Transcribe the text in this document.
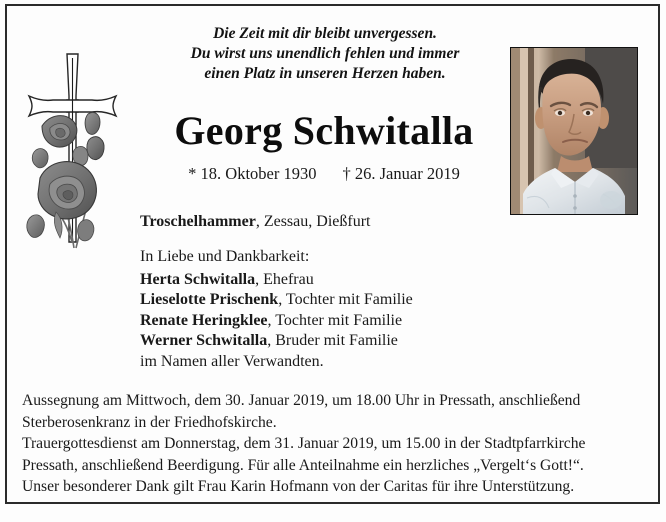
Die Zeit mit dir bleibt unvergessen.
Du wirst uns unendlich fehlen und immer
einen Platz in unseren Herzen haben.
Georg Schwitalla
* 18. Oktober 1930 † 26. Januar 2019
Troschelhammer, Zessau, Dießfurt
In Liebe und Dankbarkeit:
Herta Schwitalla, Ehefrau
Lieselotte Prischenk, Tochter mit Familie
Renate Heringklee, Tochter mit Familie
Werner Schwitalla, Bruder mit Familie
im Namen aller Verwandten.

Aussegnung am Mittwoch, dem 30. Januar 2019, um 18.00 Uhr in Pressath, anschließend Sterberosenkranz in der Friedhofskirche.

Trauergottesdienst am Donnerstag, dem 31. Januar 2019, um 15.00 in der Stadtpfarrkirche Pressath, anschließend Beerdigung. Für alle Anteilnahme ein herzliches „Vergelt‘s Gott!“.

Unser besonderer Dank gilt Frau Karin Hofmann von der Caritas für ihre Unterstützung.
